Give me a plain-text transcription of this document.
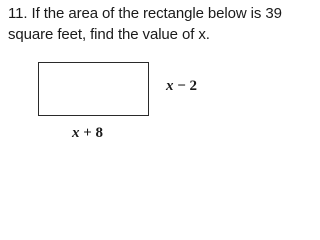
11. If the area of the rectangle below is 39
square feet, find the value of x.
x − 2
x + 8
